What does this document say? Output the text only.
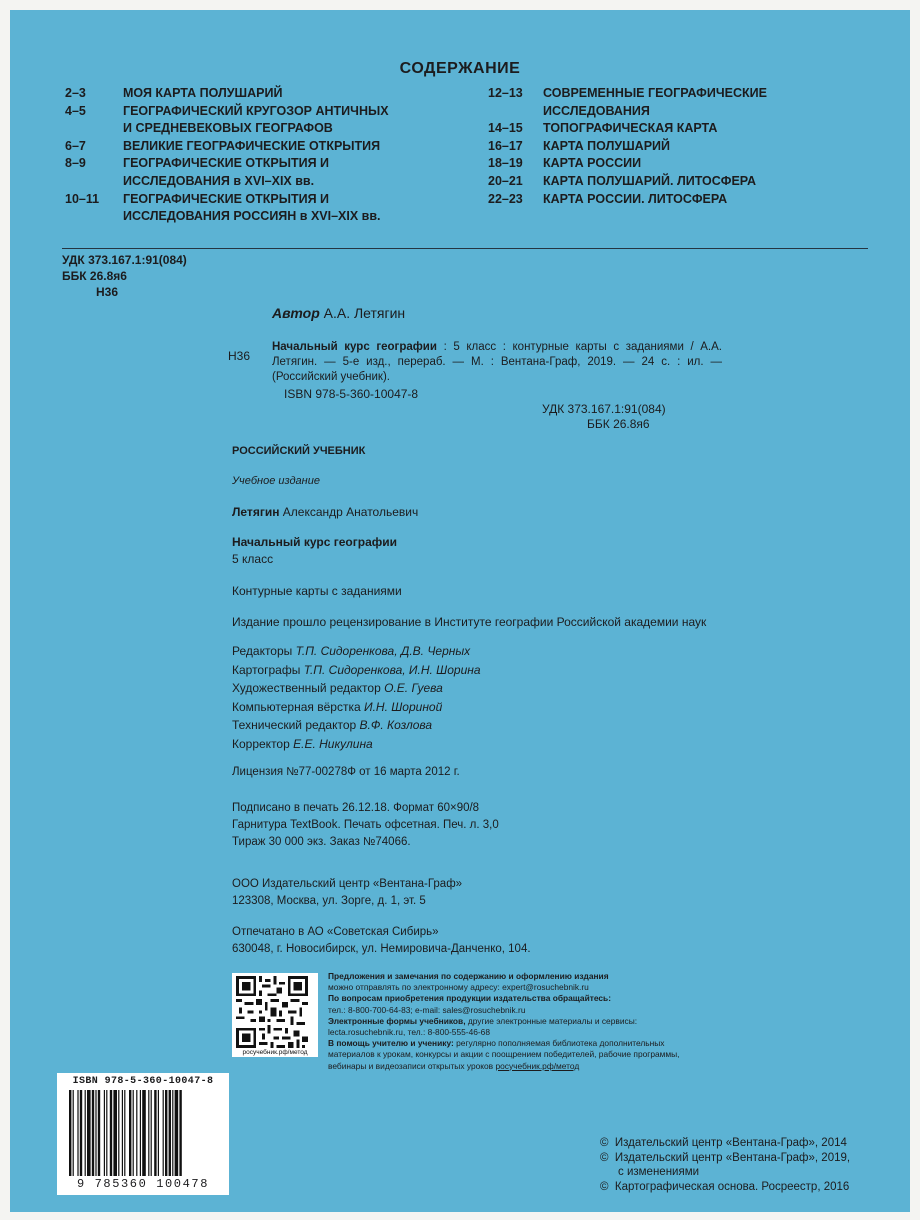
СОДЕРЖАНИЕ
2–3	МОЯ КАРТА ПОЛУШАРИЙ
4–5	ГЕОГРАФИЧЕСКИЙ КРУГОЗОР АНТИЧНЫХ
И СРЕДНЕВЕКОВЫХ ГЕОГРАФОВ
6–7	ВЕЛИКИЕ ГЕОГРАФИЧЕСКИЕ ОТКРЫТИЯ
8–9	ГЕОГРАФИЧЕСКИЕ ОТКРЫТИЯ И
ИССЛЕДОВАНИЯ в XVI–XIX вв.
10–11	ГЕОГРАФИЧЕСКИЕ ОТКРЫТИЯ И
ИССЛЕДОВАНИЯ РОССИЯН в XVI–XIX вв.
12–13	СОВРЕМЕННЫЕ ГЕОГРАФИЧЕСКИЕ
ИССЛЕДОВАНИЯ
14–15	ТОПОГРАФИЧЕСКАЯ КАРТА
16–17	КАРТА ПОЛУШАРИЙ
18–19	КАРТА РОССИИ
20–21	КАРТА ПОЛУШАРИЙ. ЛИТОСФЕРА
22–23	КАРТА РОССИИ. ЛИТОСФЕРА
УДК 373.167.1:91(084)
ББК 26.8я6
Н36
Автор А.А. Летягин
Н36
Начальный курс географии : 5 класс : контурные карты с заданиями / А.А. Летягин. — 5-е изд., перераб. — М. : Вентана-Граф, 2019. — 24 с. : ил. — (Российский учебник).
ISBN 978-5-360-10047-8
УДК 373.167.1:91(084)
ББК 26.8я6
РОССИЙСКИЙ УЧЕБНИК
Учебное издание
Летягин Александр Анатольевич
Начальный курс географии
5 класс
Контурные карты с заданиями
Издание прошло рецензирование в Институте географии Российской академии наук
Редакторы Т.П. Сидоренкова, Д.В. Черных
Картографы Т.П. Сидоренкова, И.Н. Шорина
Художественный редактор О.Е. Гуева
Компьютерная вёрстка И.Н. Шориной
Технический редактор В.Ф. Козлова
Корректор Е.Е. Никулина
Лицензия №77-00278Ф от 16 марта 2012 г.
Подписано в печать 26.12.18. Формат 60×90/8
Гарнитура TextBook. Печать офсетная. Печ. л. 3,0
Тираж 30 000 экз. Заказ №74066.
ООО Издательский центр «Вентана-Граф»
123308, Москва, ул. Зорге, д. 1, эт. 5
Отпечатано в АО «Советская Сибирь»
630048, г. Новосибирск, ул. Немировича-Данченко, 104.
росучебник.рф/метод
Предложения и замечания по содержанию и оформлению издания
можно отправлять по электронному адресу: expert@rosuchebnik.ru
По вопросам приобретения продукции издательства обращайтесь:
тел.: 8-800-700-64-83; e-mail: sales@rosuchebnik.ru
Электронные формы учебников, другие электронные материалы и сервисы:
lecta.rosuchebnik.ru, тел.: 8-800-555-46-68
В помощь учителю и ученику: регулярно пополняемая библиотека дополнительных
материалов к урокам, конкурсы и акции с поощрением победителей, рабочие программы,
вебинары и видеозаписи открытых уроков росучебник.рф/метод
ISBN 978-5-360-10047-8
9 785360 100478
© Издательский центр «Вентана-Граф», 2014
© Издательский центр «Вентана-Граф», 2019,
с изменениями
© Картографическая основа. Росреестр, 2016
